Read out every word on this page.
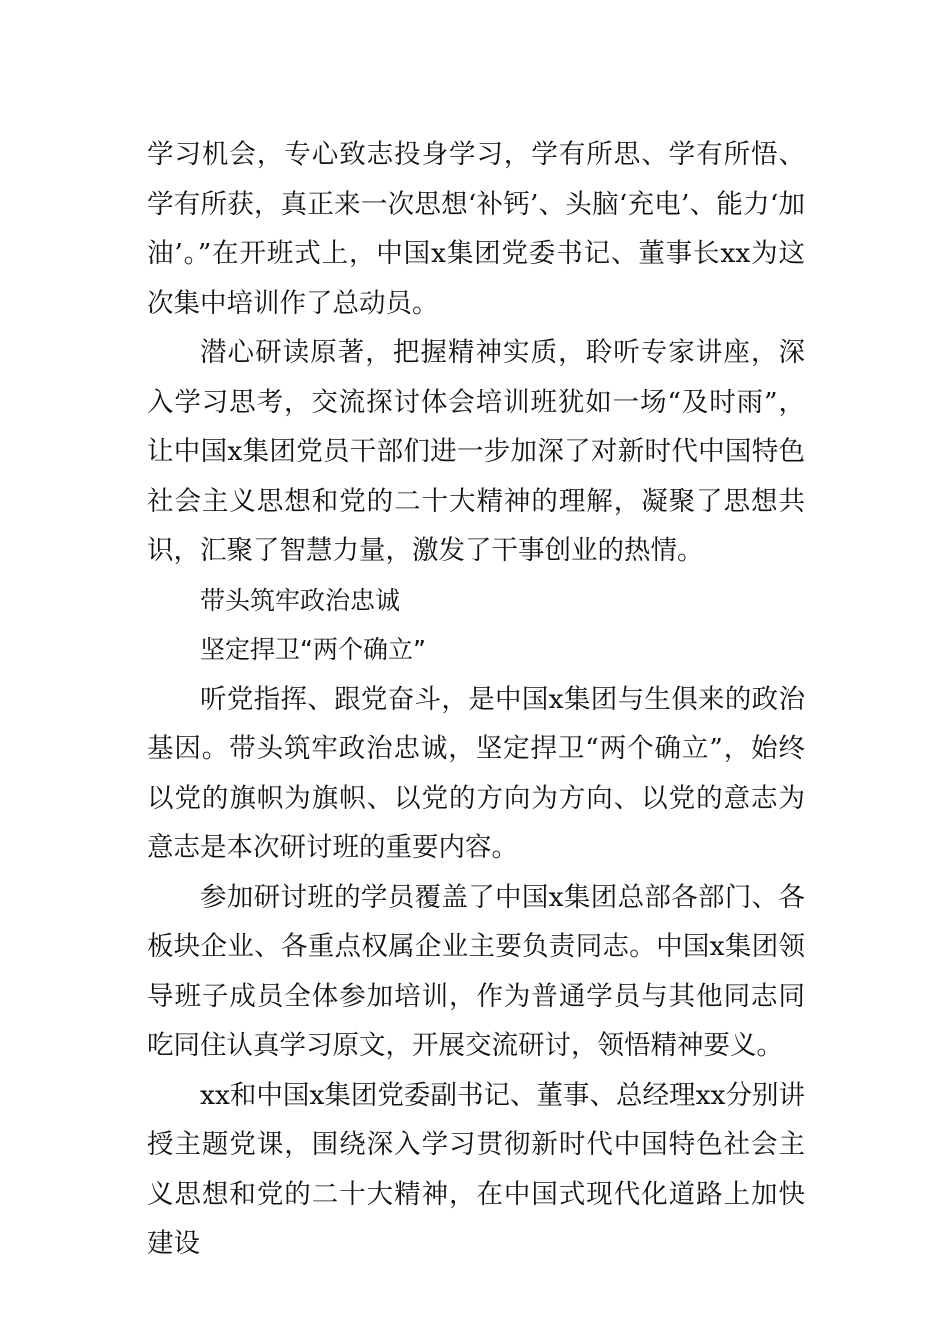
学习机会，专心致志投身学习，学有所思、学有所悟、学有所获，真正来一次思想‘补钙’、头脑‘充电’、能力‘加油’。”在开班式上，中国x集团党委书记、董事长xx为这次集中培训作了总动员。

潜心研读原著，把握精神实质，聆听专家讲座，深入学习思考，交流探讨体会培训班犹如一场“及时雨”，让中国x集团党员干部们进一步加深了对新时代中国特色社会主义思想和党的二十大精神的理解，凝聚了思想共识，汇聚了智慧力量，激发了干事创业的热情。

带头筑牢政治忠诚

坚定捍卫“两个确立”

听党指挥、跟党奋斗，是中国x集团与生俱来的政治基因。带头筑牢政治忠诚，坚定捍卫“两个确立”，始终以党的旗帜为旗帜、以党的方向为方向、以党的意志为意志是本次研讨班的重要内容。

参加研讨班的学员覆盖了中国x集团总部各部门、各板块企业、各重点权属企业主要负责同志。中国x集团领导班子成员全体参加培训，作为普通学员与其他同志同吃同住认真学习原文，开展交流研讨，领悟精神要义。

xx和中国x集团党委副书记、董事、总经理xx分别讲授主题党课，围绕深入学习贯彻新时代中国特色社会主义思想和党的二十大精神，在中国式现代化道路上加快建设
